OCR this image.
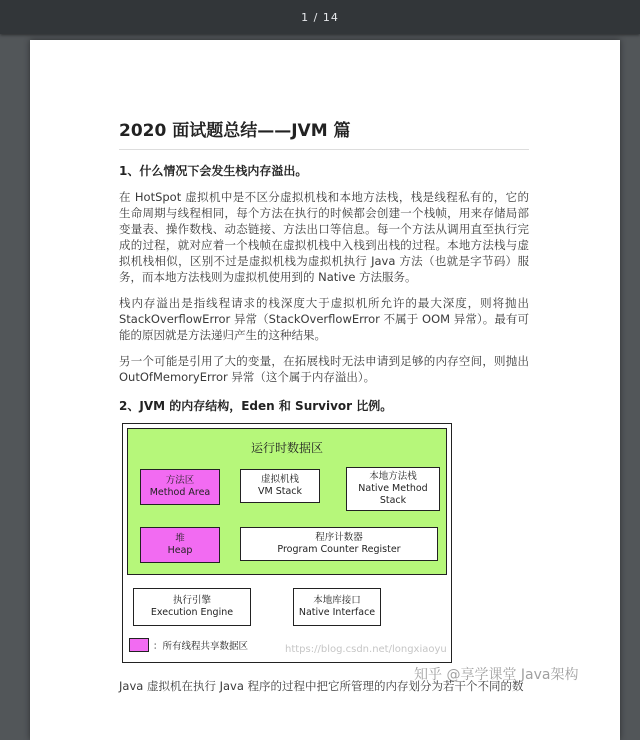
1 / 14
2020 面试题总结——JVM 篇
1、什么情况下会发生栈内存溢出。

在 HotSpot 虚拟机中是不区分虚拟机栈和本地方法栈，栈是线程私有的，它的生命周期与线程相同，每个方法在执行的时候都会创建一个栈帧，用来存储局部变量表、操作数栈、动态链接、方法出口等信息。每一个方法从调用直至执行完成的过程，就对应着一个栈帧在虚拟机栈中入栈到出栈的过程。本地方法栈与虚拟机栈相似，区别不过是虚拟机栈为虚拟机执行 Java 方法（也就是字节码）服务，而本地方法栈则为虚拟机使用到的 Native 方法服务。

栈内存溢出是指线程请求的栈深度大于虚拟机所允许的最大深度，则将抛出 StackOverflowError 异常（StackOverflowError 不属于 OOM 异常）。最有可能的原因就是方法递归产生的这种结果。

另一个可能是引用了大的变量，在拓展栈时无法申请到足够的内存空间，则抛出 OutOfMemoryError 异常（这个属于内存溢出）。

2、JVM 的内存结构，Eden 和 Survivor 比例。
运行时数据区
方法区
Method Area
虚拟机栈
VM Stack
本地方法栈
Native Method Stack
堆
Heap
程序计数器
Program Counter Register
执行引擎
Execution Engine
本地库接口
Native Interface
：所有线程共享数据区	https://blog.csdn.net/longxiaoyu
知乎 @享学课堂 Java架构
Java 虚拟机在执行 Java 程序的过程中把它所管理的内存划分为若干个不同的数
